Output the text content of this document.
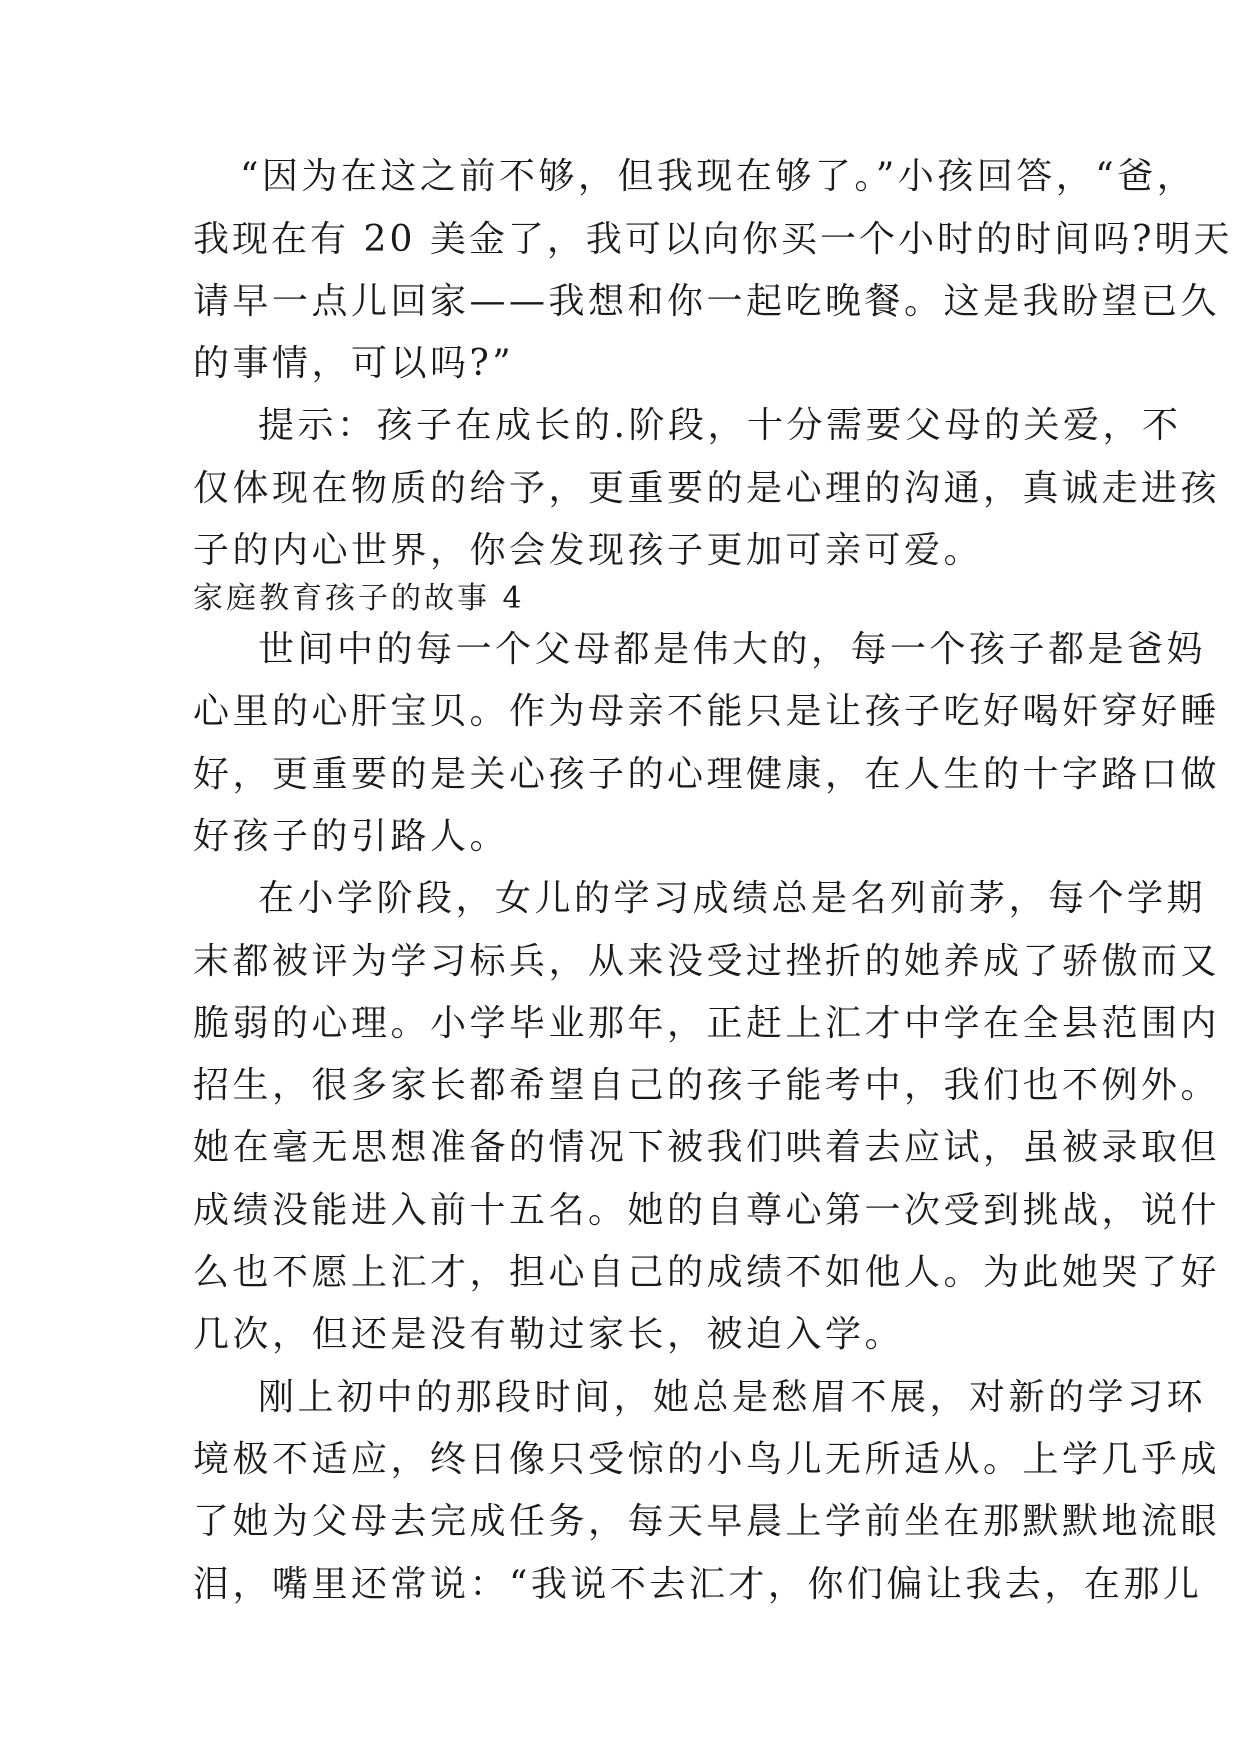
“因为在这之前不够，但我现在够了。”小孩回答，“爸，

我现在有 20 美金了，我可以向你买一个小时的时间吗?明天

请早一点儿回家——我想和你一起吃晚餐。这是我盼望已久

的事情，可以吗?”

提示：孩子在成长的.阶段，十分需要父母的关爱，不

仅体现在物质的给予，更重要的是心理的沟通，真诚走进孩

子的内心世界，你会发现孩子更加可亲可爱。

家庭教育孩子的故事 4

世间中的每一个父母都是伟大的，每一个孩子都是爸妈

心里的心肝宝贝。作为母亲不能只是让孩子吃好喝奸穿好睡

好，更重要的是关心孩子的心理健康，在人生的十字路口做

好孩子的引路人。

在小学阶段，女儿的学习成绩总是名列前茅，每个学期

末都被评为学习标兵，从来没受过挫折的她养成了骄傲而又

脆弱的心理。小学毕业那年，正赶上汇才中学在全县范围内

招生，很多家长都希望自己的孩子能考中，我们也不例外。

她在毫无思想准备的情况下被我们哄着去应试，虽被录取但

成绩没能进入前十五名。她的自尊心第一次受到挑战，说什

么也不愿上汇才，担心自己的成绩不如他人。为此她哭了好

几次，但还是没有勒过家长，被迫入学。

刚上初中的那段时间，她总是愁眉不展，对新的学习环

境极不适应，终日像只受惊的小鸟儿无所适从。上学几乎成

了她为父母去完成任务，每天早晨上学前坐在那默默地流眼

泪，嘴里还常说：“我说不去汇才，你们偏让我去，在那儿
